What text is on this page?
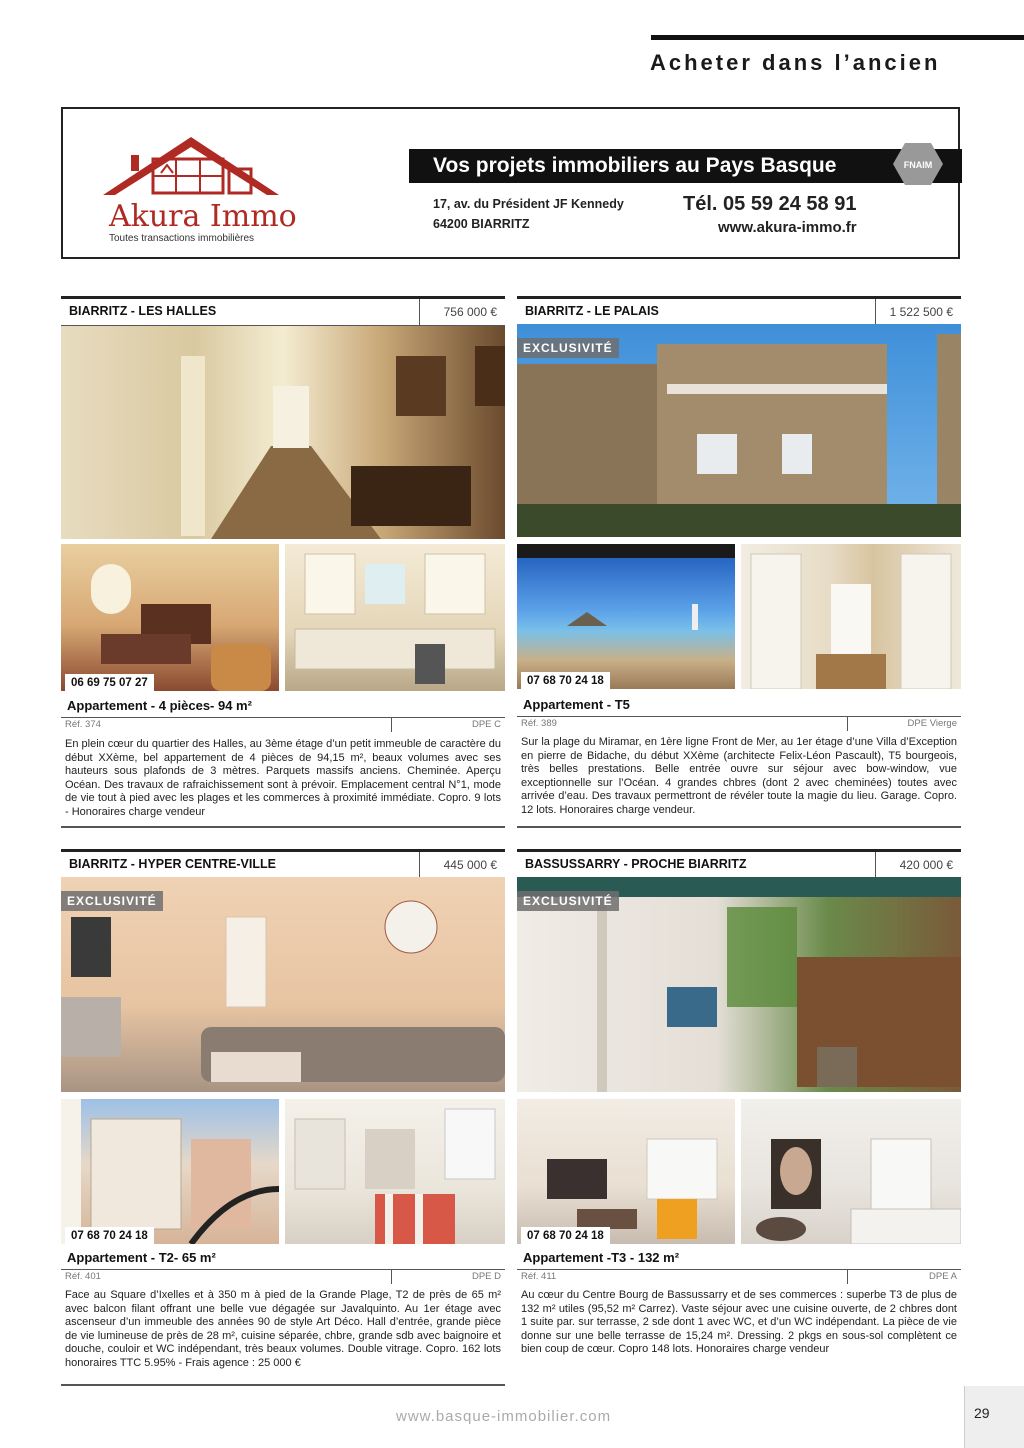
Acheter dans l’ancien
Akura Immo
Toutes transactions immobilières
Vos projets immobiliers au Pays Basque	FNAIM
17, av. du Président JF Kennedy
64200 BIARRITZ
Tél. 05 59 24 58 91
www.akura-immo.fr
BIARRITZ - LES HALLES	756 000 €
06 69 75 07 27
Appartement - 4 pièces- 94 m²
Réf. 374	DPE C
En plein cœur du quartier des Halles, au 3ème étage d’un petit immeuble de caractère du début XXème, bel appartement de 4 pièces de 94,15 m², beaux volumes avec ses hauteurs sous plafonds de 3 mètres. Parquets massifs anciens. Cheminée. Aperçu Océan. Des travaux de rafraichissement sont à prévoir. Emplacement central N°1, mode de vie tout à pied avec les plages et les commerces à proximité immédiate. Copro. 9 lots - Honoraires charge vendeur
BIARRITZ - LE PALAIS	1 522 500 €
EXCLUSIVITÉ
07 68 70 24 18
Appartement - T5
Réf. 389	DPE Vierge
Sur la plage du Miramar, en 1ère ligne Front de Mer, au 1er étage d’une Villa d’Exception en pierre de Bidache, du début XXème (architecte Felix-Léon Pascault), T5 bourgeois, très belles prestations. Belle entrée ouvre sur séjour avec bow-window, vue exceptionnelle sur l’Océan. 4 grandes chbres (dont 2 avec cheminées) toutes avec arrivée d’eau. Des travaux permettront de révéler toute la magie du lieu. Garage. Copro. 12 lots. Honoraires charge vendeur.
BIARRITZ - HYPER CENTRE-VILLE	445 000 €
EXCLUSIVITÉ
07 68 70 24 18
Appartement - T2- 65 m²
Réf. 401	DPE D
Face au Square d’Ixelles et à 350 m à pied de la Grande Plage, T2 de près de 65 m² avec balcon filant offrant une belle vue dégagée sur Javalquinto. Au 1er étage avec ascenseur d’un immeuble des années 90 de style Art Déco. Hall d’entrée, grande pièce de vie lumineuse de près de 28 m², cuisine séparée, chbre, grande sdb avec baignoire et douche, couloir et WC indépendant, très beaux volumes. Double vitrage. Copro. 162 lots honoraires TTC 5.95% - Frais agence : 25 000 €
BASSUSSARRY - PROCHE BIARRITZ	420 000 €
EXCLUSIVITÉ
07 68 70 24 18
Appartement -T3 - 132 m²
Réf. 411	DPE A
Au cœur du Centre Bourg de Bassussarry et de ses commerces : superbe T3 de plus de 132 m² utiles (95,52 m² Carrez). Vaste séjour avec une cuisine ouverte, de 2 chbres dont 1 suite par. sur terrasse, 2 sde dont 1 avec WC, et d’un WC indépendant. La pièce de vie donne sur une belle terrasse de 15,24 m². Dressing. 2 pkgs en sous-sol complètent ce bien coup de cœur. Copro 148 lots. Honoraires charge vendeur
www.basque-immobilier.com	29
